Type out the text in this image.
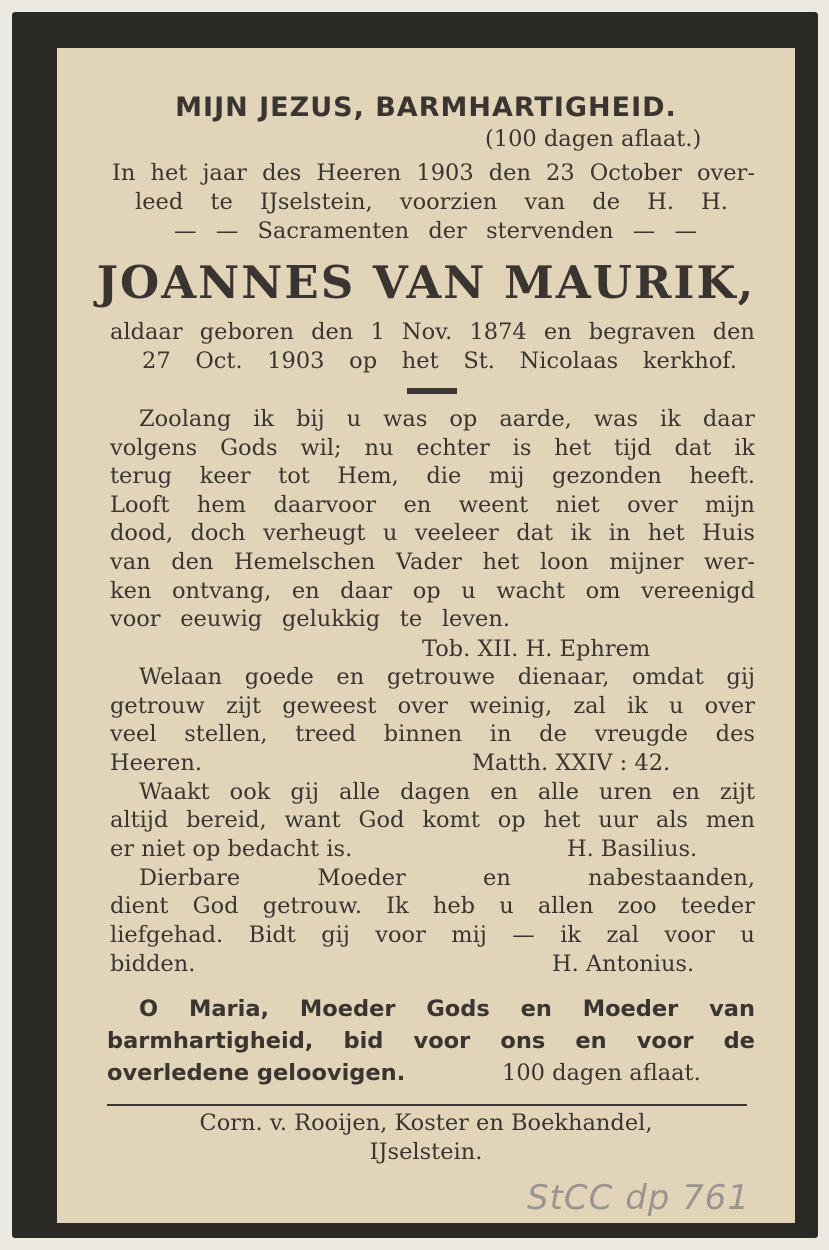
MIJN JEZUS, BARMHARTIGHEID.
(100 dagen aflaat.)
In het jaar des Heeren 1903 den 23 October over-
leed te IJselstein, voorzien van de H. H.
— — Sacramenten der stervenden — —
JOANNES VAN MAURIK,
aldaar geboren den 1 Nov. 1874 en begraven den
27 Oct. 1903 op het St. Nicolaas kerkhof.
Zoolang ik bij u was op aarde, was ik daar
volgens Gods wil; nu echter is het tijd dat ik
terug keer tot Hem, die mij gezonden heeft.
Looft hem daarvoor en weent niet over mijn
dood, doch verheugt u veeleer dat ik in het Huis
van den Hemelschen Vader het loon mijner wer-
ken ontvang, en daar op u wacht om vereenigd
voor eeuwig gelukkig te leven.
Tob. XII. H. Ephrem
Welaan goede en getrouwe dienaar, omdat gij
getrouw zijt geweest over weinig, zal ik u over
veel stellen, treed binnen in de vreugde des
Heeren.	Matth. XXIV : 42.
Waakt ook gij alle dagen en alle uren en zijt
altijd bereid, want God komt op het uur als men
er niet op bedacht is.	H. Basilius.
Dierbare	Moeder	en	nabestaanden,
dient God getrouw. Ik heb u allen zoo teeder
liefgehad. Bidt gij voor mij — ik zal voor u
bidden.	H. Antonius.
O Maria, Moeder Gods en Moeder van
barmhartigheid, bid voor ons en voor de
overledene geloovigen.	100 dagen aflaat.
Corn. v. Rooijen, Koster en Boekhandel,
IJselstein.
StCC dp 761
